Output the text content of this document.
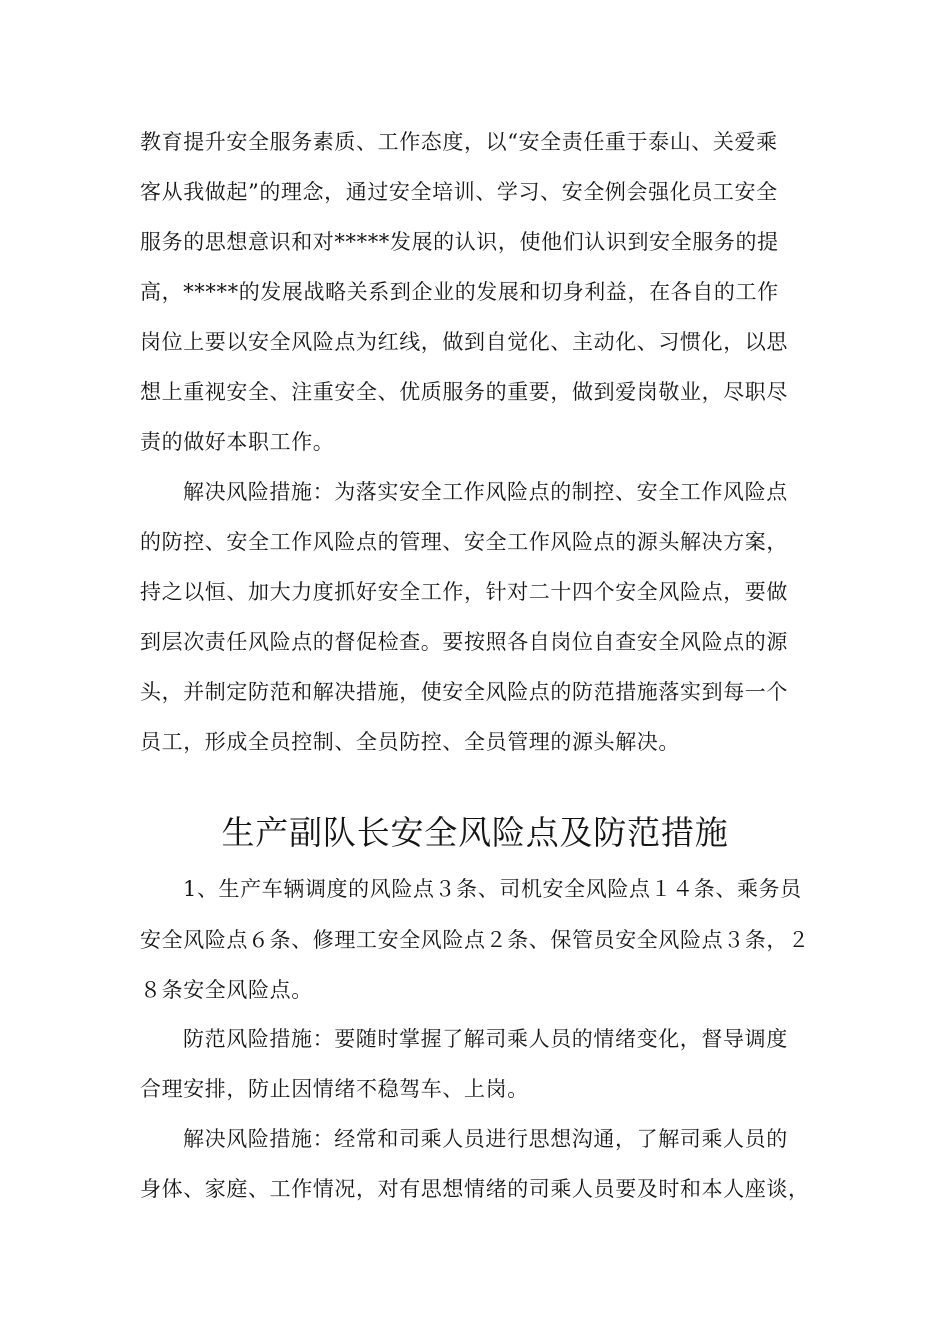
教育提升安全服务素质、工作态度，以“安全责任重于泰山、关爱乘
客从我做起”的理念，通过安全培训、学习、安全例会强化员工安全
服务的思想意识和对*****发展的认识，使他们认识到安全服务的提
高，*****的发展战略关系到企业的发展和切身利益，在各自的工作
岗位上要以安全风险点为红线，做到自觉化、主动化、习惯化，以思
想上重视安全、注重安全、优质服务的重要，做到爱岗敬业，尽职尽
责的做好本职工作。
解决风险措施：为落实安全工作风险点的制控、安全工作风险点
的防控、安全工作风险点的管理、安全工作风险点的源头解决方案，
持之以恒、加大力度抓好安全工作，针对二十四个安全风险点，要做
到层次责任风险点的督促检查。要按照各自岗位自查安全风险点的源
头，并制定防范和解决措施，使安全风险点的防范措施落实到每一个
员工，形成全员控制、全员防控、全员管理的源头解决。
生产副队长安全风险点及防范措施
1、生产车辆调度的风险点３条、司机安全风险点１４条、乘务员
安全风险点６条、修理工安全风险点２条、保管员安全风险点３条，２
８条安全风险点。
防范风险措施：要随时掌握了解司乘人员的情绪变化，督导调度
合理安排，防止因情绪不稳驾车、上岗。
解决风险措施：经常和司乘人员进行思想沟通，了解司乘人员的
身体、家庭、工作情况，对有思想情绪的司乘人员要及时和本人座谈，
